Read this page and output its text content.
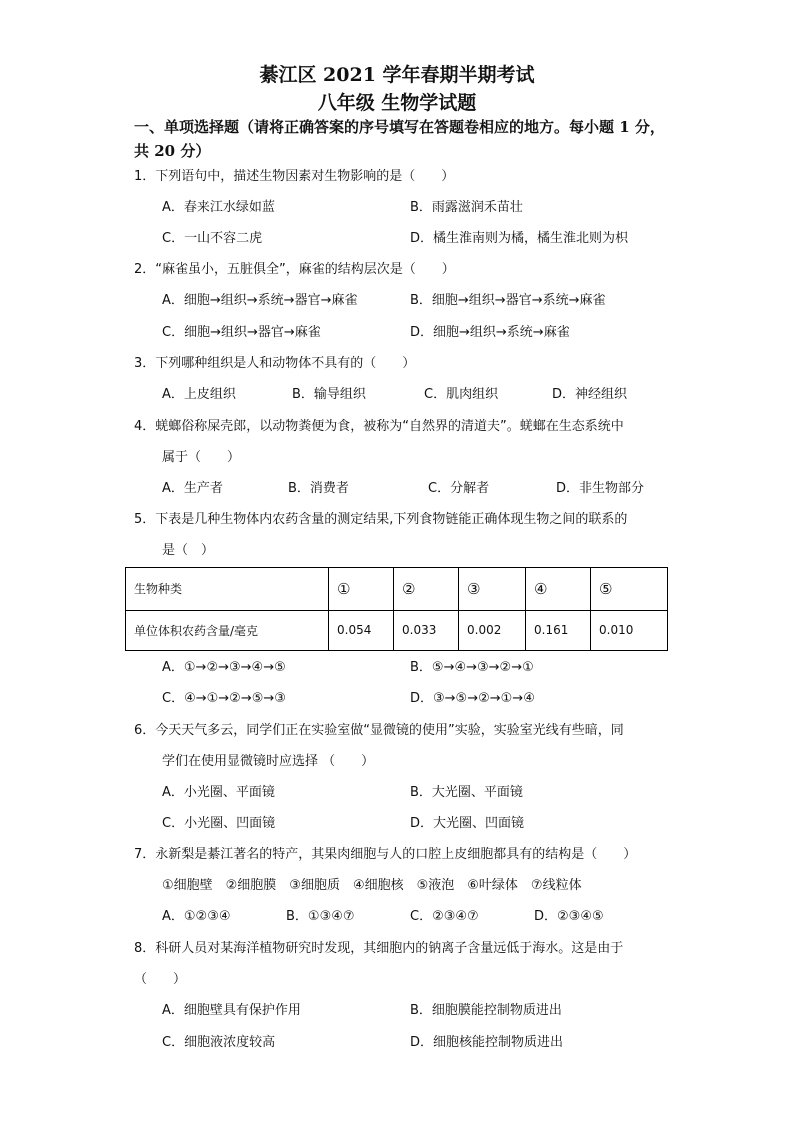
綦江区 2021 学年春期半期考试
八年级 生物学试题
一、单项选择题（请将正确答案的序号填写在答题卷相应的地方。每小题 1 分，共 20 分）
1．下列语句中，描述生物因素对生物影响的是（　　）
A．春来江水绿如蓝	B．雨露滋润禾苗壮
C．一山不容二虎	D．橘生淮南则为橘，橘生淮北则为枳
2．“麻雀虽小，五脏俱全”，麻雀的结构层次是（　　）
A．细胞→组织→系统→器官→麻雀	B．细胞→组织→器官→系统→麻雀
C．细胞→组织→器官→麻雀	D．细胞→组织→系统→麻雀
3．下列哪种组织是人和动物体不具有的（　　）
A．上皮组织	B．输导组织	C．肌肉组织	D．神经组织
4．蜣螂俗称屎壳郎，以动物粪便为食，被称为“自然界的清道夫”。蜣螂在生态系统中
属于（　　）
A．生产者	B．消费者	C．分解者	D．非生物部分
5．下表是几种生物体内农药含量的测定结果,下列食物链能正确体现生物之间的联系的
是（　）
生物种类	①	②	③	④	⑤
单位体积农药含量/毫克	0.054	0.033	0.002	0.161	0.010
A．①→②→③→④→⑤	B．⑤→④→③→②→①
C．④→①→②→⑤→③	D．③→⑤→②→①→④
6．今天天气多云，同学们正在实验室做“显微镜的使用”实验，实验室光线有些暗，同
学们在使用显微镜时应选择 （　　）
A．小光圈、平面镜	B．大光圈、平面镜
C．小光圈、凹面镜	D．大光圈、凹面镜
7．永新梨是綦江著名的特产，其果肉细胞与人的口腔上皮细胞都具有的结构是（　　）
①细胞壁　②细胞膜　③细胞质　④细胞核　⑤液泡　⑥叶绿体　⑦线粒体
A．①②③④	B．①③④⑦	C．②③④⑦	D．②③④⑤
8．科研人员对某海洋植物研究时发现，其细胞内的钠离子含量远低于海水。这是由于
（　　）
A．细胞壁具有保护作用	B．细胞膜能控制物质进出
C．细胞液浓度较高	D．细胞核能控制物质进出
